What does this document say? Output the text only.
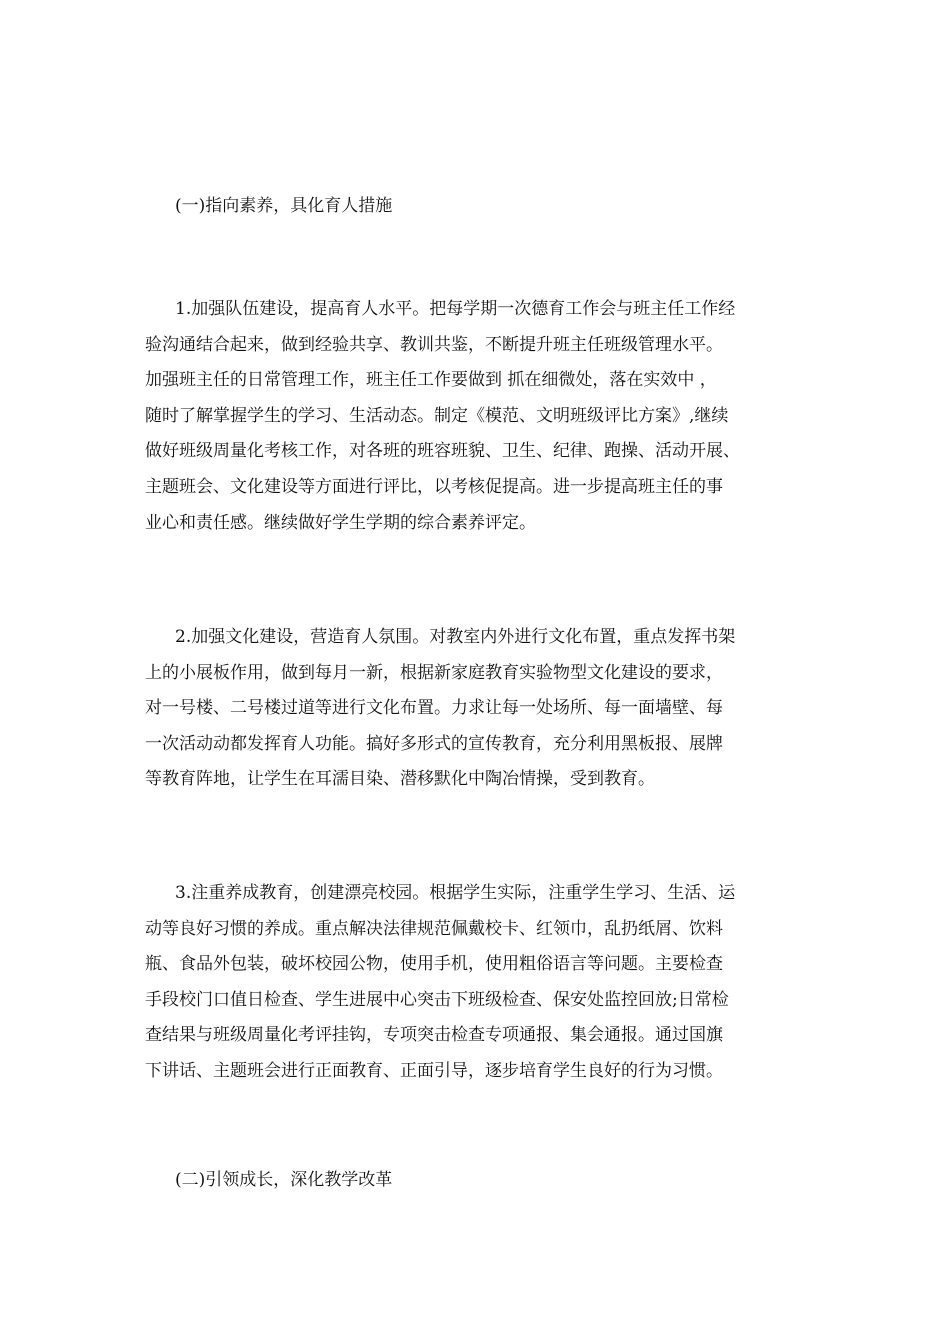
(一)指向素养，具化育人措施
1.加强队伍建设，提高育人水平。把每学期一次德育工作会与班主任工作经
验沟通结合起来，做到经验共享、教训共鉴，不断提升班主任班级管理水平。
加强班主任的日常管理工作，班主任工作要做到 抓在细微处，落在实效中 ，
随时了解掌握学生的学习、生活动态。制定《模范、文明班级评比方案》,继续
做好班级周量化考核工作，对各班的班容班貌、卫生、纪律、跑操、活动开展、
主题班会、文化建设等方面进行评比，以考核促提高。进一步提高班主任的事
业心和责任感。继续做好学生学期的综合素养评定。
2.加强文化建设，营造育人氛围。对教室内外进行文化布置，重点发挥书架
上的小展板作用，做到每月一新，根据新家庭教育实验物型文化建设的要求，
对一号楼、二号楼过道等进行文化布置。力求让每一处场所、每一面墙壁、每
一次活动动都发挥育人功能。搞好多形式的宣传教育，充分利用黑板报、展牌
等教育阵地，让学生在耳濡目染、潜移默化中陶冶情操，受到教育。
3.注重养成教育，创建漂亮校园。根据学生实际，注重学生学习、生活、运
动等良好习惯的养成。重点解决法律规范佩戴校卡、红领巾，乱扔纸屑、饮料
瓶、食品外包装，破坏校园公物，使用手机，使用粗俗语言等问题。主要检查
手段校门口值日检查、学生进展中心突击下班级检查、保安处监控回放;日常检
查结果与班级周量化考评挂钩，专项突击检查专项通报、集会通报。通过国旗
下讲话、主题班会进行正面教育、正面引导，逐步培育学生良好的行为习惯。
(二)引领成长，深化教学改革
